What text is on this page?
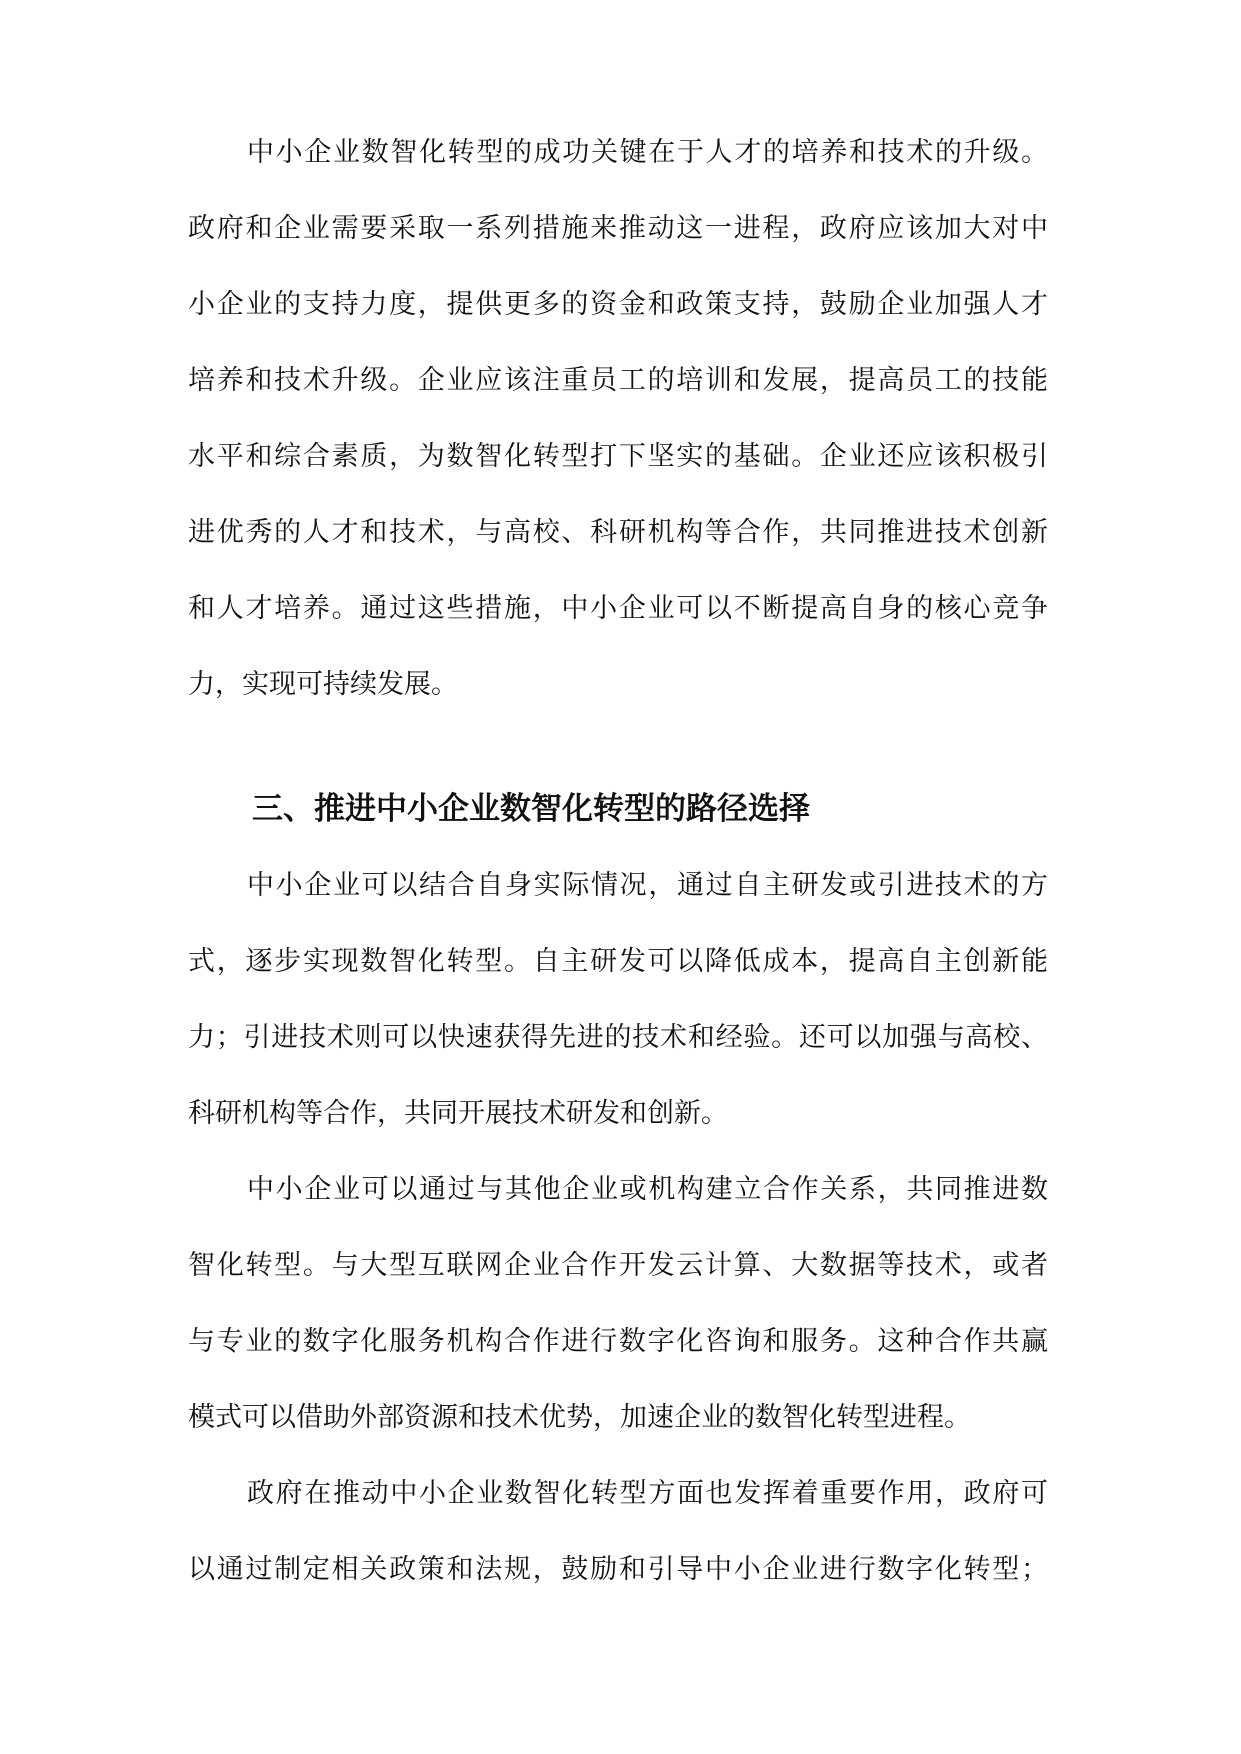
中小企业数智化转型的成功关键在于人才的培养和技术的升级。
政府和企业需要采取一系列措施来推动这一进程，政府应该加大对中
小企业的支持力度，提供更多的资金和政策支持，鼓励企业加强人才
培养和技术升级。企业应该注重员工的培训和发展，提高员工的技能
水平和综合素质，为数智化转型打下坚实的基础。企业还应该积极引
进优秀的人才和技术，与高校、科研机构等合作，共同推进技术创新
和人才培养。通过这些措施，中小企业可以不断提高自身的核心竞争
力，实现可持续发展。
三、推进中小企业数智化转型的路径选择
中小企业可以结合自身实际情况，通过自主研发或引进技术的方
式，逐步实现数智化转型。自主研发可以降低成本，提高自主创新能
力；引进技术则可以快速获得先进的技术和经验。还可以加强与高校、
科研机构等合作，共同开展技术研发和创新。
中小企业可以通过与其他企业或机构建立合作关系，共同推进数
智化转型。与大型互联网企业合作开发云计算、大数据等技术，或者
与专业的数字化服务机构合作进行数字化咨询和服务。这种合作共赢
模式可以借助外部资源和技术优势，加速企业的数智化转型进程。
政府在推动中小企业数智化转型方面也发挥着重要作用，政府可
以通过制定相关政策和法规，鼓励和引导中小企业进行数字化转型；
